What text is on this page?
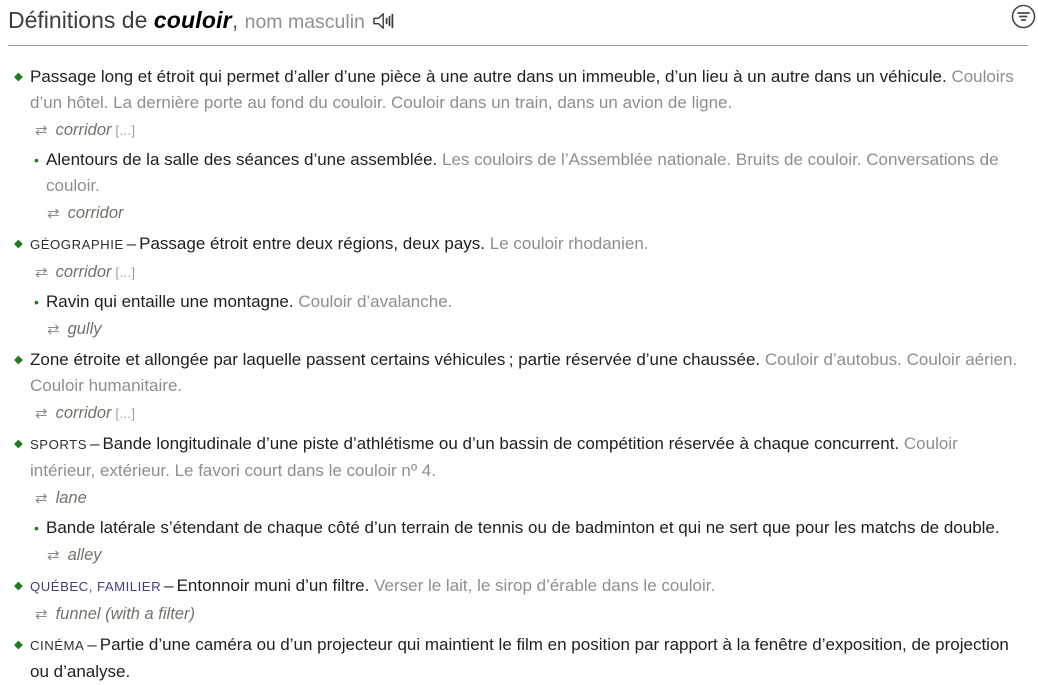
Définitions de couloir, nom masculin

◆ Passage long et étroit qui permet d’aller d’une pièce à une autre dans un immeuble, d’un lieu à un autre dans un véhicule. Couloirs d’un hôtel. La dernière porte au fond du couloir. Couloir dans un train, dans un avion de ligne.

⇄ corridor […]

• Alentours de la salle des séances d’une assemblée. Les couloirs de l’Assemblée nationale. Bruits de couloir. Conversations de couloir.

⇄ corridor

◆ GÉOGRAPHIE – Passage étroit entre deux régions, deux pays. Le couloir rhodanien.

⇄ corridor […]

• Ravin qui entaille une montagne. Couloir d’avalanche.

⇄ gully

◆ Zone étroite et allongée par laquelle passent certains véhicules ; partie réservée d’une chaussée. Couloir d’autobus. Couloir aérien. Couloir humanitaire.

⇄ corridor […]

◆ SPORTS – Bande longitudinale d’une piste d’athlétisme ou d’un bassin de compétition réservée à chaque concurrent. Couloir intérieur, extérieur. Le favori court dans le couloir nº 4.

⇄ lane

• Bande latérale s’étendant de chaque côté d’un terrain de tennis ou de badminton et qui ne sert que pour les matchs de double.

⇄ alley

◆ QUÉBEC, FAMILIER – Entonnoir muni d’un filtre. Verser le lait, le sirop d’érable dans le couloir.

⇄ funnel (with a filter)

◆ CINÉMA – Partie d’une caméra ou d’un projecteur qui maintient le film en position par rapport à la fenêtre d’exposition, de projection ou d’analyse.
